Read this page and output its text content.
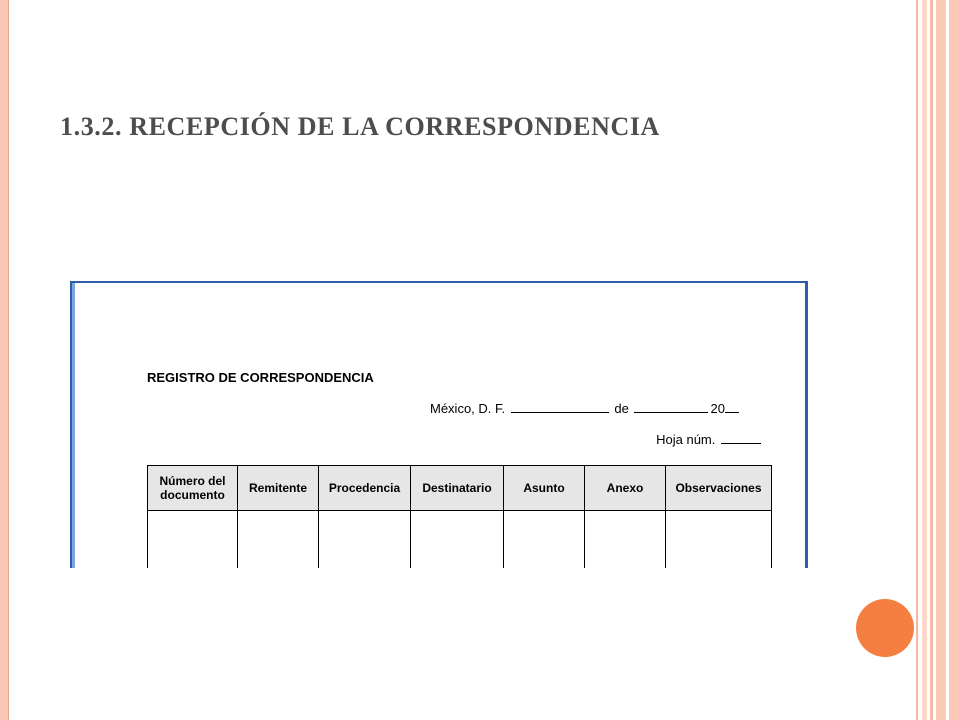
1.3.2. RECEPCIÓN DE LA CORRESPONDENCIA
REGISTRO DE CORRESPONDENCIA
México, D. F.	de	20
Hoja núm.
Número del documento	Remitente	Procedencia	Destinatario	Asunto	Anexo	Observaciones
